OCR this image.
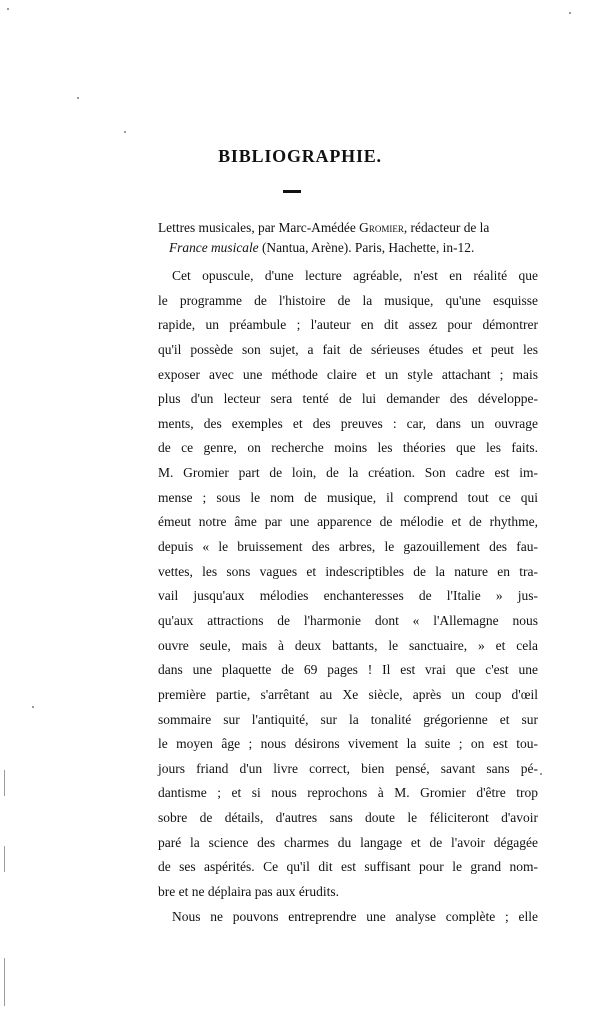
BIBLIOGRAPHIE.
Lettres musicales, par Marc-Amédée Gromier, rédacteur de la
France musicale (Nantua, Arène). Paris, Hachette, in-12.
Cet opuscule, d'une lecture agréable, n'est en réalité que
le programme de l'histoire de la musique, qu'une esquisse
rapide, un préambule ; l'auteur en dit assez pour démontrer
qu'il possède son sujet, a fait de sérieuses études et peut les
exposer avec une méthode claire et un style attachant ; mais
plus d'un lecteur sera tenté de lui demander des développe-
ments, des exemples et des preuves : car, dans un ouvrage
de ce genre, on recherche moins les théories que les faits.
M. Gromier part de loin, de la création. Son cadre est im-
mense ; sous le nom de musique, il comprend tout ce qui
émeut notre âme par une apparence de mélodie et de rhythme,
depuis « le bruissement des arbres, le gazouillement des fau-
vettes, les sons vagues et indescriptibles de la nature en tra-
vail jusqu'aux mélodies enchanteresses de l'Italie » jus-
qu'aux attractions de l'harmonie dont « l'Allemagne nous
ouvre seule, mais à deux battants, le sanctuaire, » et cela
dans une plaquette de 69 pages ! Il est vrai que c'est une
première partie, s'arrêtant au Xe siècle, après un coup d'œil
sommaire sur l'antiquité, sur la tonalité grégorienne et sur
le moyen âge ; nous désirons vivement la suite ; on est tou-
jours friand d'un livre correct, bien pensé, savant sans pé-
dantisme ; et si nous reprochons à M. Gromier d'être trop
sobre de détails, d'autres sans doute le féliciteront d'avoir
paré la science des charmes du langage et de l'avoir dégagée
de ses aspérités. Ce qu'il dit est suffisant pour le grand nom-
bre et ne déplaira pas aux érudits.
Nous ne pouvons entreprendre une analyse complète ; elle
